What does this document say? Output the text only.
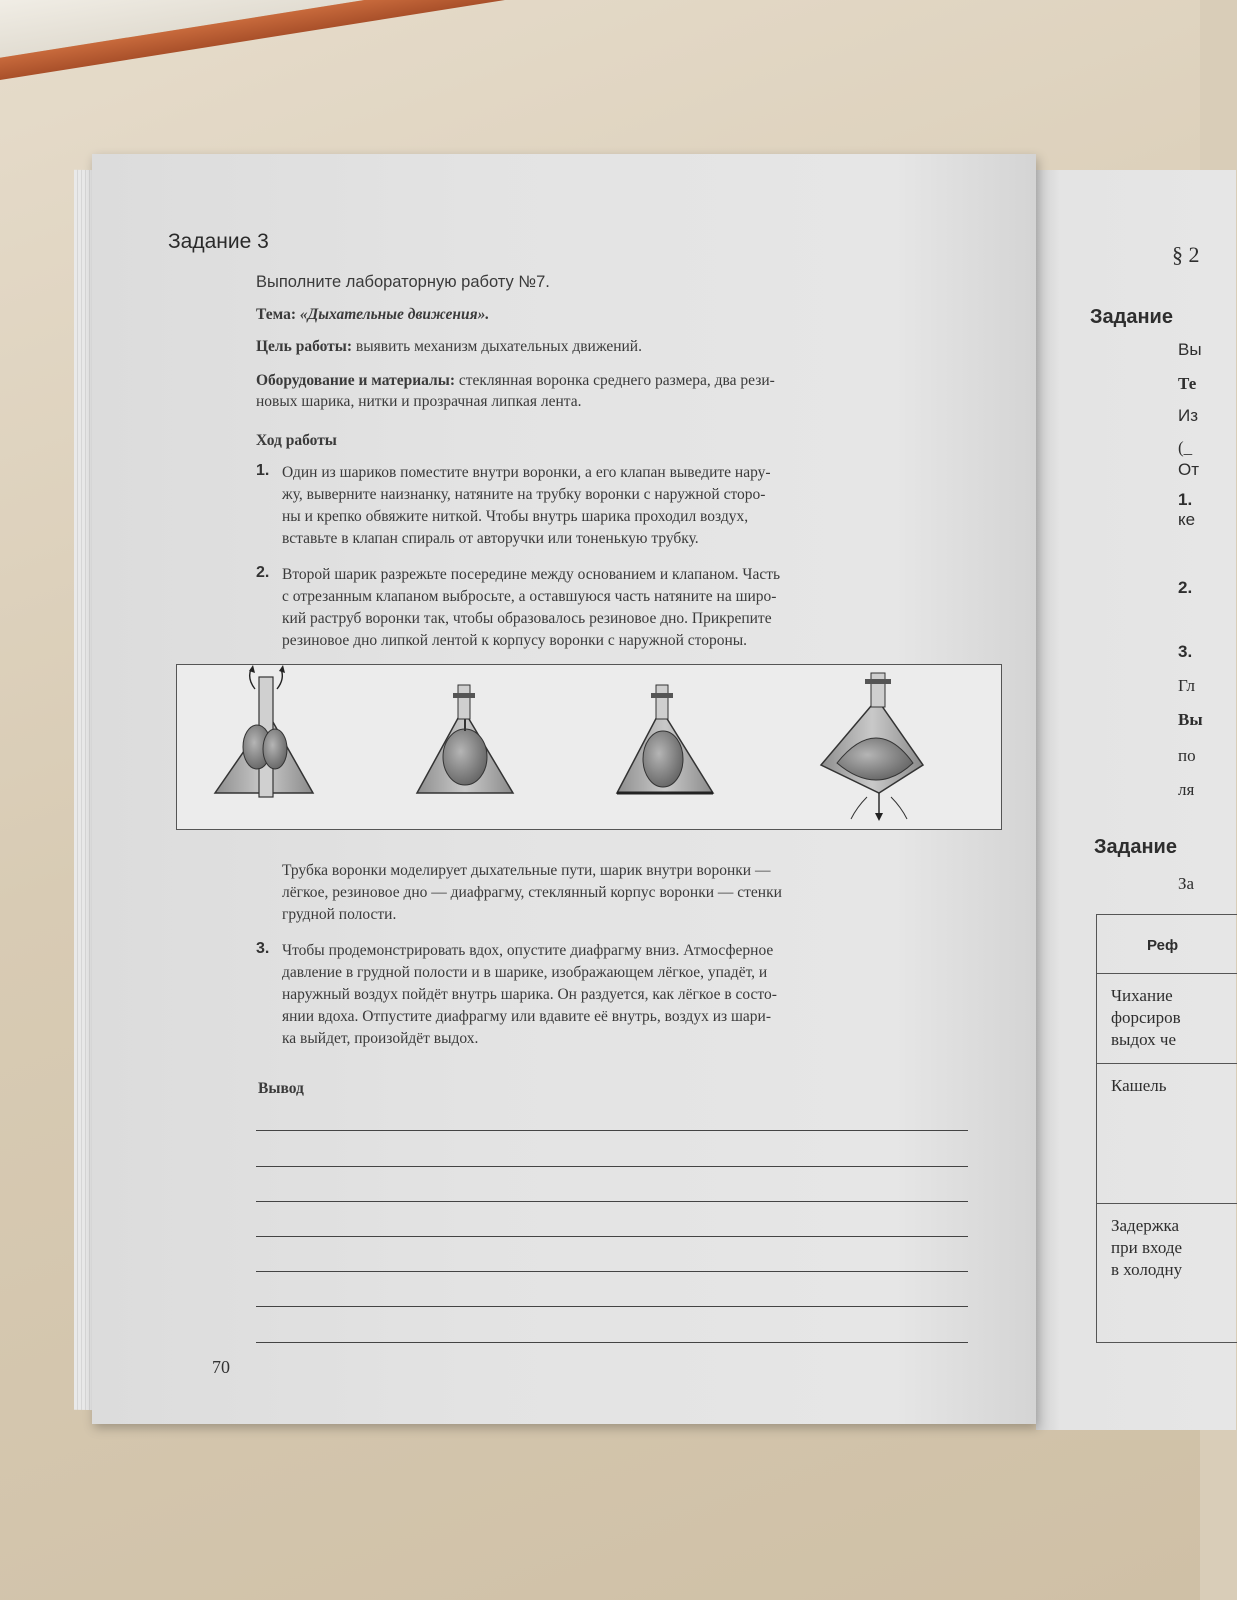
Задание 3
Выполните лабораторную работу №7.
Тема: «Дыхательные движения».
Цель работы: выявить механизм дыхательных движений.
Оборудование и материалы: стеклянная воронка среднего размера, два рези-
новых шарика, нитки и прозрачная липкая лента.
Ход работы
1. Один из шариков поместите внутри воронки, а его клапан выведите нару-
жу, выверните наизнанку, натяните на трубку воронки с наружной сторо-
ны и крепко обвяжите ниткой. Чтобы внутрь шарика проходил воздух,
вставьте в клапан спираль от авторучки или тоненькую трубку.
2. Второй шарик разрежьте посередине между основанием и клапаном. Часть
с отрезанным клапаном выбросьте, а оставшуюся часть натяните на широ-
кий раструб воронки так, чтобы образовалось резиновое дно. Прикрепите
резиновое дно липкой лентой к корпусу воронки с наружной стороны.
Трубка воронки моделирует дыхательные пути, шарик внутри воронки —
лёгкое, резиновое дно — диафрагму, стеклянный корпус воронки — стенки
грудной полости.
3. Чтобы продемонстрировать вдох, опустите диафрагму вниз. Атмосферное
давление в грудной полости и в шарике, изображающем лёгкое, упадёт, и
наружный воздух пойдёт внутрь шарика. Он раздуется, как лёгкое в состо-
янии вдоха. Отпустите диафрагму или вдавите её внутрь, воздух из шари-
ка выйдет, произойдёт выдох.
Вывод
70
§ 2
Задание
Вы
Те
Из
(_
От
1.
ке
2.
3.
Гл
Вы
по
ля
Задание
За
Реф
Чихание
форсиров
выдох че
Кашель
Задержка
при входе
в холодну
